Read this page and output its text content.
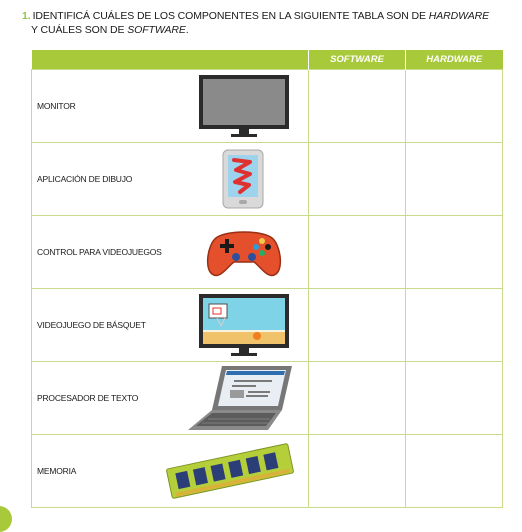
1. IDENTIFICÁ CUÁLES DE LOS COMPONENTES EN LA SIGUIENTE TABLA SON DE HARDWARE
Y CUÁLES SON DE SOFTWARE.
	SOFTWARE	HARDWARE

MONITOR		

APLICACIÓN DE DIBUJO		

CONTROL PARA VIDEOJUEGOS		

VIDEOJUEGO DE BÁSQUET		

PROCESADOR DE TEXTO		

MEMORIA		
